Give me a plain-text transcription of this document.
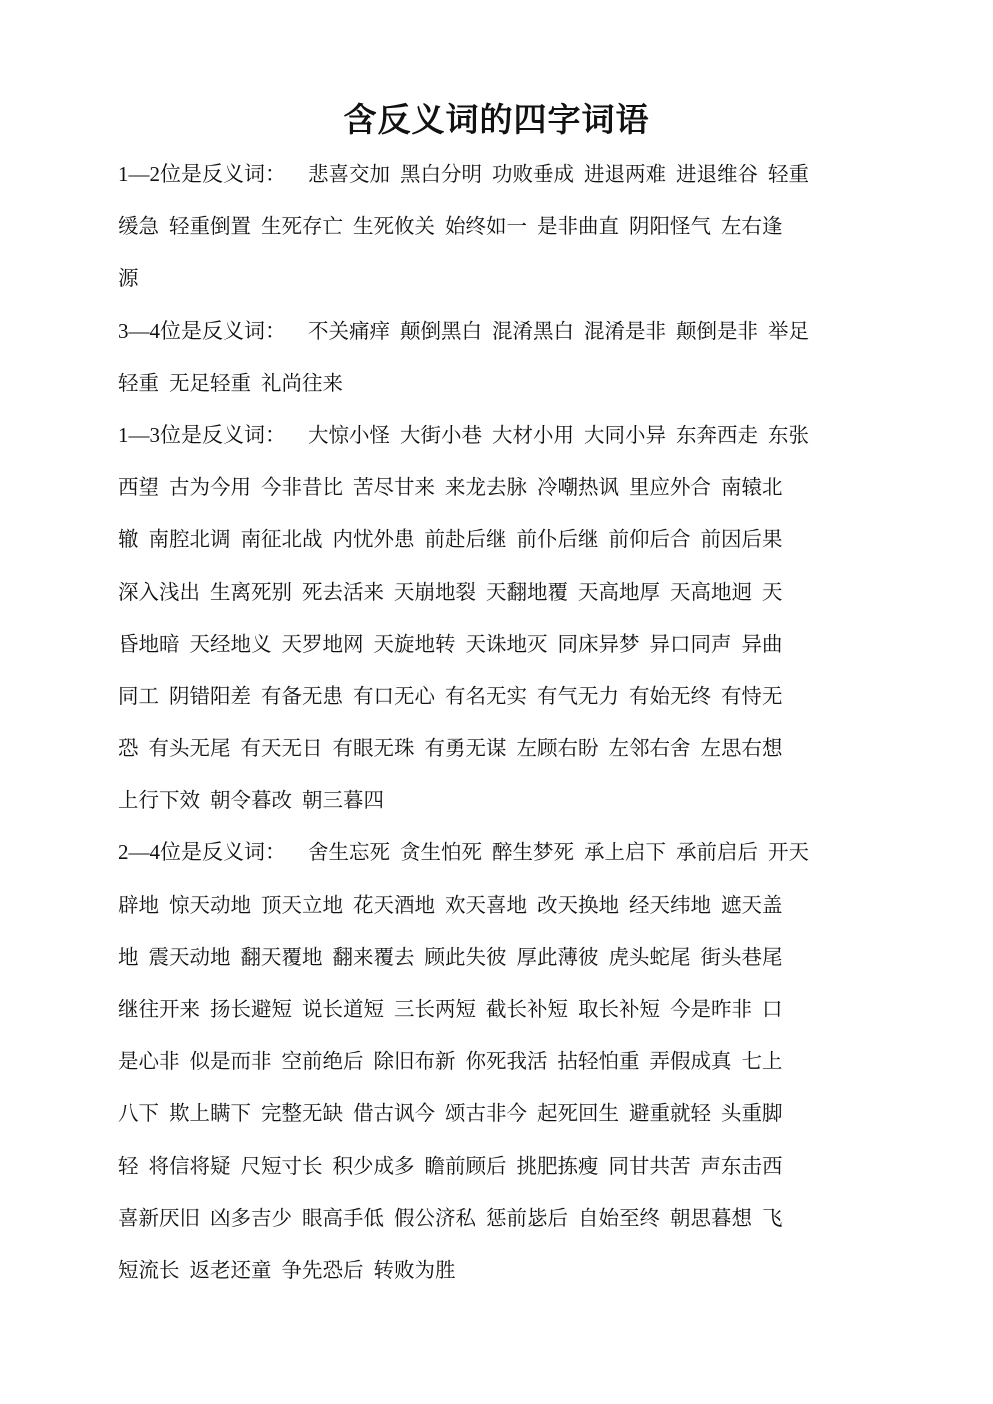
含反义词的四字词语
1—2位是反义词： 悲喜交加 黑白分明 功败垂成 进退两难 进退维谷 轻重
缓急 轻重倒置 生死存亡 生死攸关 始终如一 是非曲直 阴阳怪气 左右逢
源
3—4位是反义词： 不关痛痒 颠倒黑白 混淆黑白 混淆是非 颠倒是非 举足
轻重 无足轻重 礼尚往来
1—3位是反义词： 大惊小怪 大街小巷 大材小用 大同小异 东奔西走 东张
西望 古为今用 今非昔比 苦尽甘来 来龙去脉 冷嘲热讽 里应外合 南辕北
辙 南腔北调 南征北战 内忧外患 前赴后继 前仆后继 前仰后合 前因后果
深入浅出 生离死别 死去活来 天崩地裂 天翻地覆 天高地厚 天高地迥 天
昏地暗 天经地义 天罗地网 天旋地转 天诛地灭 同床异梦 异口同声 异曲
同工 阴错阳差 有备无患 有口无心 有名无实 有气无力 有始无终 有恃无
恐 有头无尾 有天无日 有眼无珠 有勇无谋 左顾右盼 左邻右舍 左思右想
上行下效 朝令暮改 朝三暮四
2—4位是反义词： 舍生忘死 贪生怕死 醉生梦死 承上启下 承前启后 开天
辟地 惊天动地 顶天立地 花天酒地 欢天喜地 改天换地 经天纬地 遮天盖
地 震天动地 翻天覆地 翻来覆去 顾此失彼 厚此薄彼 虎头蛇尾 街头巷尾
继往开来 扬长避短 说长道短 三长两短 截长补短 取长补短 今是昨非 口
是心非 似是而非 空前绝后 除旧布新 你死我活 拈轻怕重 弄假成真 七上
八下 欺上瞒下 完整无缺 借古讽今 颂古非今 起死回生 避重就轻 头重脚
轻 将信将疑 尺短寸长 积少成多 瞻前顾后 挑肥拣瘦 同甘共苦 声东击西
喜新厌旧 凶多吉少 眼高手低 假公济私 惩前毖后 自始至终 朝思暮想 飞
短流长 返老还童 争先恐后 转败为胜
